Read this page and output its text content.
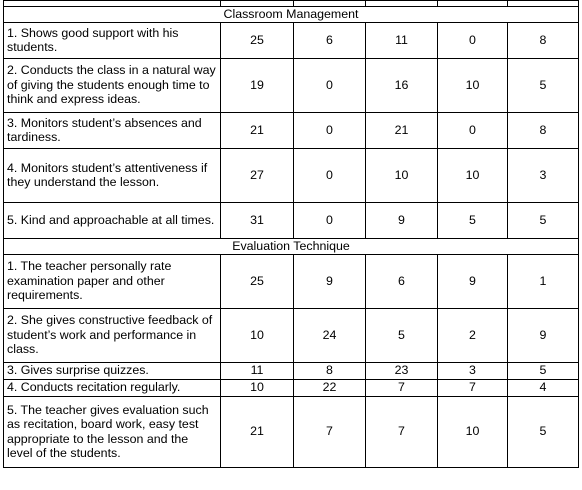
Classroom Management					
1. Shows good support with his students.	25	6	11	0	8
2. Conducts the class in a natural way of giving the students enough time to think and express ideas.	19	0	16	10	5
3. Monitors student’s absences and tardiness.	21	0	21	0	8
4. Monitors student’s attentiveness if they understand the lesson.	27	0	10	10	3
5. Kind and approachable at all times.	31	0	9	5	5
Evaluation Technique					
1. The teacher personally rate examination paper and other requirements.	25	9	6	9	1
2. She gives constructive feedback of student’s work and performance in class.	10	24	5	2	9
3. Gives surprise quizzes.	11	8	23	3	5
4. Conducts recitation regularly.	10	22	7	7	4
5. The teacher gives evaluation such as recitation, board work, easy test appropriate to the lesson and the level of the students.	21	7	7	10	5
